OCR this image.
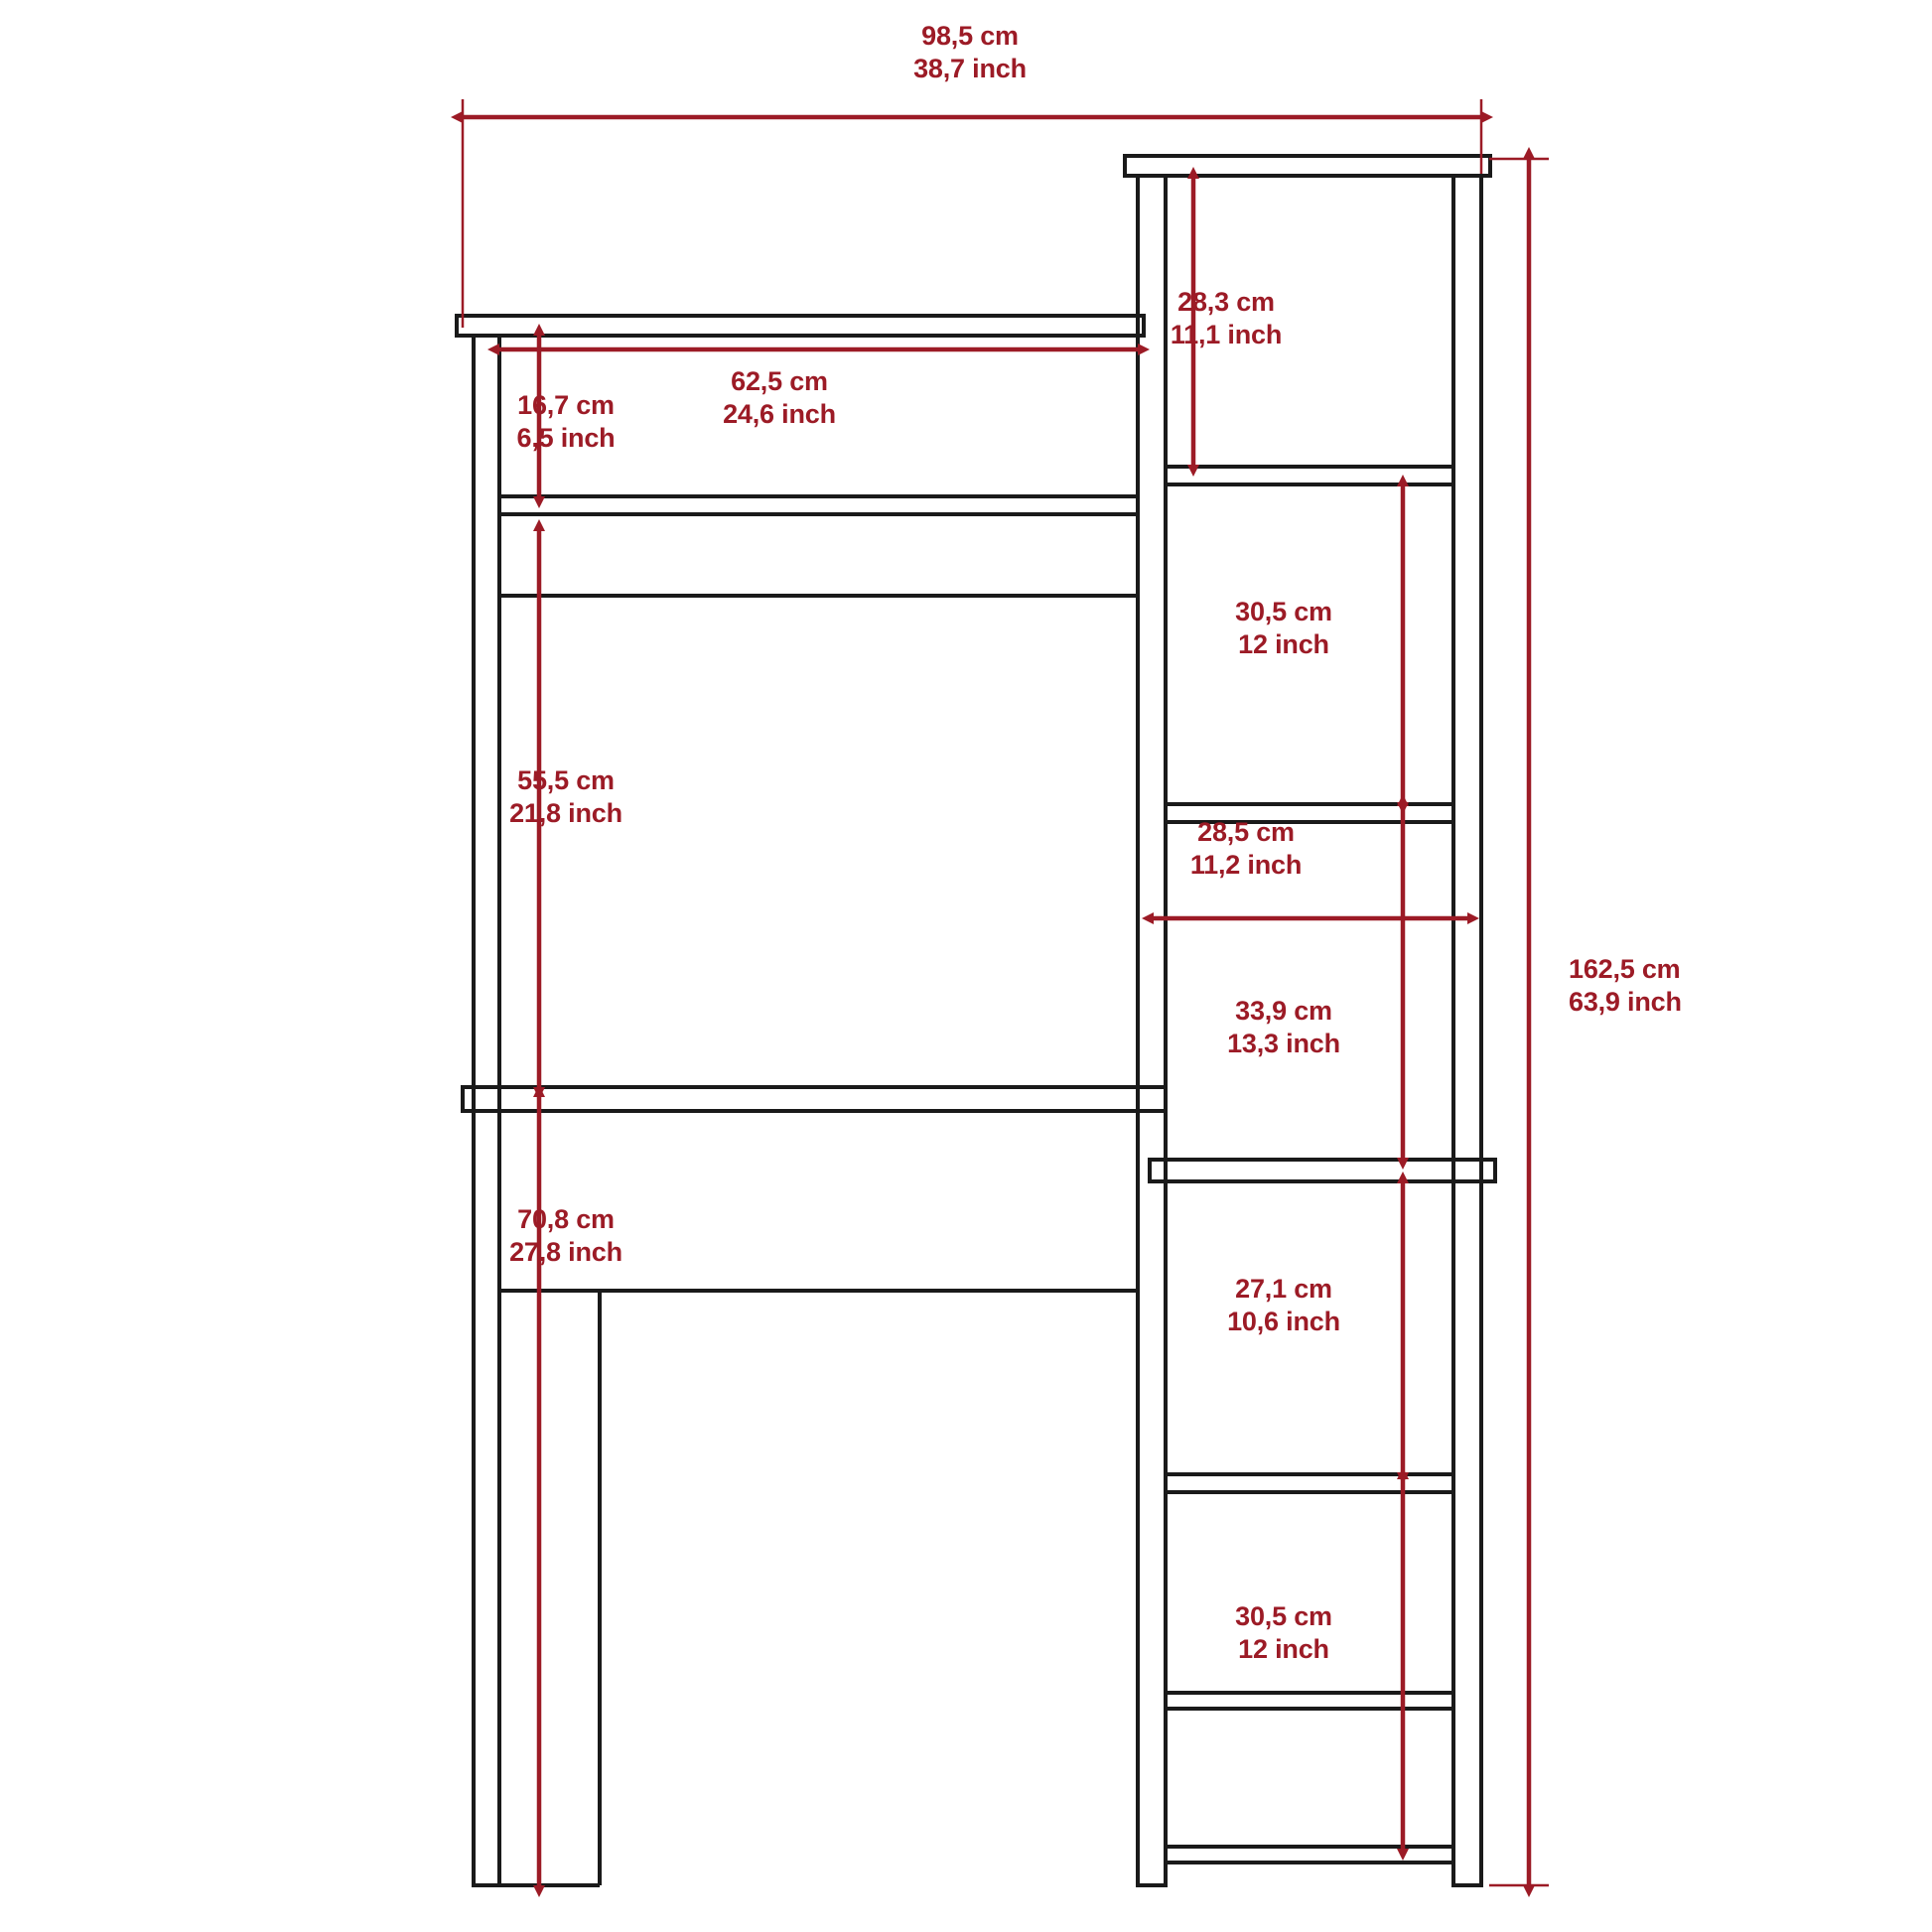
98,5 cm
38,7 inch
28,3 cm
11,1 inch
62,5 cm
24,6 inch
16,7 cm
6,5 inch
30,5 cm
12 inch
55,5 cm
21,8 inch
28,5 cm
11,2 inch
33,9 cm
13,3 inch
70,8 cm
27,8 inch
27,1 cm
10,6 inch
30,5 cm
12 inch
162,5 cm
63,9 inch
